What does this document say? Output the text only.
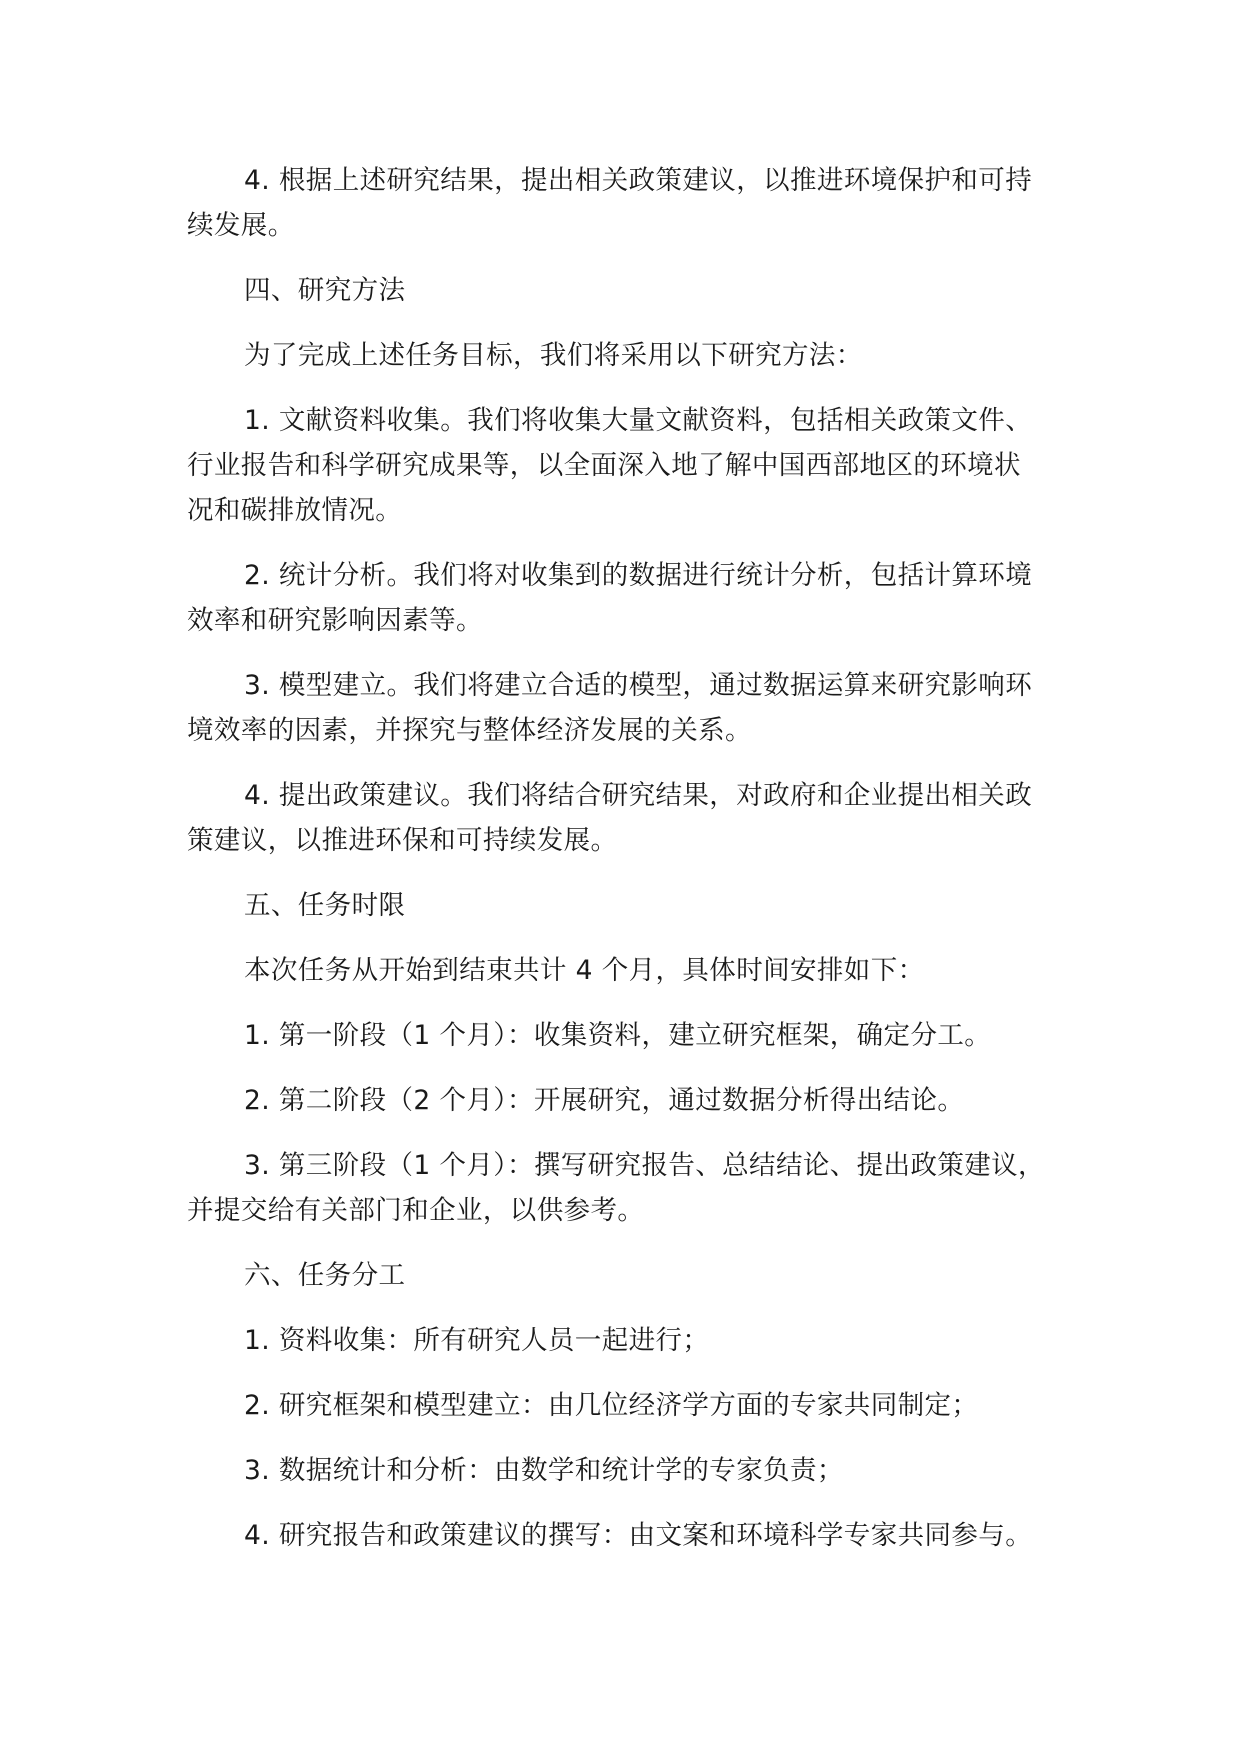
4. 根据上述研究结果，提出相关政策建议，以推进环境保护和可持
续发展。

四、研究方法

为了完成上述任务目标，我们将采用以下研究方法：

1. 文献资料收集。我们将收集大量文献资料，包括相关政策文件、
行业报告和科学研究成果等，以全面深入地了解中国西部地区的环境状
况和碳排放情况。

2. 统计分析。我们将对收集到的数据进行统计分析，包括计算环境
效率和研究影响因素等。

3. 模型建立。我们将建立合适的模型，通过数据运算来研究影响环
境效率的因素，并探究与整体经济发展的关系。

4. 提出政策建议。我们将结合研究结果，对政府和企业提出相关政
策建议，以推进环保和可持续发展。

五、任务时限

本次任务从开始到结束共计 4 个月，具体时间安排如下：

1. 第一阶段（1 个月）：收集资料，建立研究框架，确定分工。

2. 第二阶段（2 个月）：开展研究，通过数据分析得出结论。

3. 第三阶段（1 个月）：撰写研究报告、总结结论、提出政策建议，
并提交给有关部门和企业，以供参考。

六、任务分工

1. 资料收集：所有研究人员一起进行；

2. 研究框架和模型建立：由几位经济学方面的专家共同制定；

3. 数据统计和分析：由数学和统计学的专家负责；

4. 研究报告和政策建议的撰写：由文案和环境科学专家共同参与。
